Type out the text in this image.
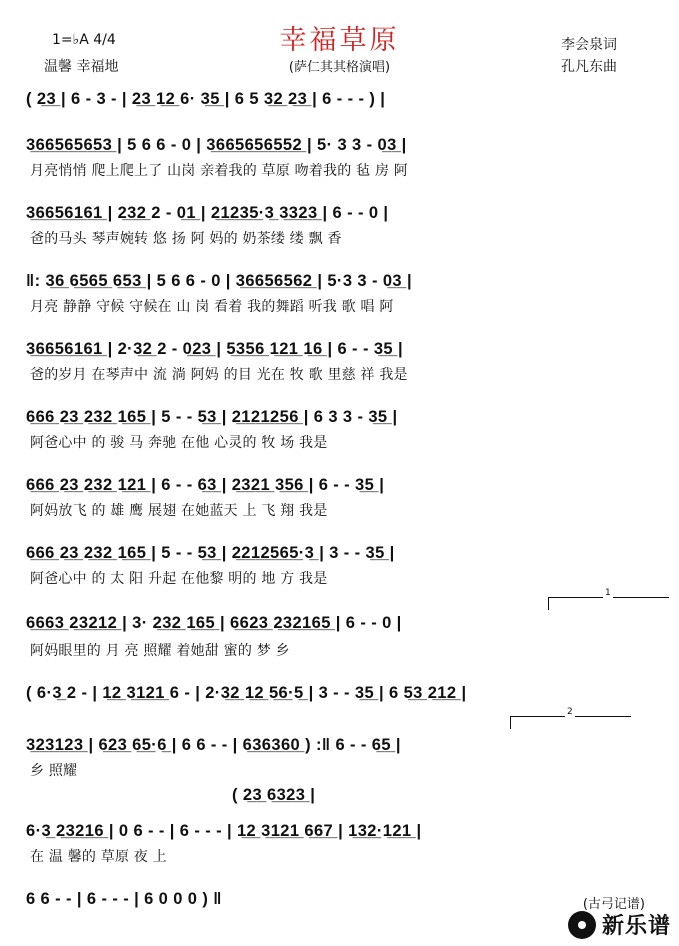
1=♭A 4/4
温馨 幸福地
幸福草原
(萨仁其其格演唱)
李会泉词
孔凡东曲
( 2̲3̲ | 6 - 3 - | 2̲3̲ 1̲2̲ 6· 3̲5̲ | 6 5 3̲2̲ 2̲3̲ | 6 - - - ) |
3̲6̲6̲5̲6̲5̲6̲5̲3̲ | 5 6 6 - 0 | 3̲6̲6̲5̲6̲5̲6̲5̲5̲2̲ | 5· 3 3 - 0̲3̲ |
月亮悄悄 爬上爬上了 山岗 亲着我的 草原 吻着我的 毡 房 阿
3̲6̲6̲5̲6̲1̲6̲1̲ | 2̲3̲2̲ 2 - 0̲1̲ | 2̲1̲2̲3̲5̲·3̲ 3̲3̲2̲3̲ | 6 - - 0 |
爸的马头 琴声婉转 悠 扬 阿 妈的 奶茶缕 缕 飘 香
‖: 3̲6̲ 6̲5̲6̲5̲ 6̲5̲3̲ | 5 6 6 - 0 | 3̲6̲6̲5̲6̲5̲6̲2̲ | 5·3 3 - 0̲3̲ |
月亮 静静 守候 守候在 山 岗 看着 我的舞蹈 听我 歌 唱 阿
3̲6̲6̲5̲6̲1̲6̲1̲ | 2·3̲2̲ 2 - 0̲2̲3̲ | 5̲3̲5̲6̲ 1̲2̲1̲ 1̲6̲ | 6 - - 3̲5̲ |
爸的岁月 在琴声中 流 淌 阿妈 的目 光在 牧 歌 里慈 祥 我是
6̲6̲6̲ 2̲3̲ 2̲3̲2̲ 1̲6̲5̲ | 5 - - 5̲3̲ | 2̲1̲2̲1̲2̲5̲6̲ | 6 3 3 - 3̲5̲ |
阿爸心中 的 骏 马 奔驰 在他 心灵的 牧 场 我是
6̲6̲6̲ 2̲3̲ 2̲3̲2̲ 1̲2̲1̲ | 6 - - 6̲3̲ | 2̲3̲2̲1̲ 3̲5̲6̲ | 6 - - 3̲5̲ |
阿妈放飞 的 雄 鹰 展翅 在她蓝天 上 飞 翔 我是
6̲6̲6̲ 2̲3̲ 2̲3̲2̲ 1̲6̲5̲ | 5 - - 5̲3̲ | 2̲2̲1̲2̲5̲6̲5̲·3̲ | 3 - - 3̲5̲ |
阿爸心中 的 太 阳 升起 在他黎 明的 地 方 我是
1
6̲6̲6̲3̲ 2̲3̲2̲1̲2̲ | 3· 2̲3̲2̲ 1̲6̲5̲ | 6̲6̲2̲3̲ 2̲3̲2̲1̲6̲5̲ | 6 - - 0 |
阿妈眼里的 月 亮 照耀 着她甜 蜜的 梦 乡
( 6·3̲ 2 - | 1̲2̲ 3̲1̲2̲1̲ 6 - | 2·3̲2̲ 1̲2̲ 5̲6̲·5̲ | 3 - - 3̲5̲ | 6 5̲3̲ 2̲1̲2̲ |
2
3̲2̲3̲1̲2̲3̲ | 6̲2̲3̲ 6̲5̲·6̲ | 6 6 - - | 6̲3̲6̲3̲6̲0̲ ) :‖ 6 - - 6̲5̲ |
乡 照耀
( 2̲3̲ 6̲3̲2̲3̲ |
6·3̲ 2̲3̲2̲1̲6̲ | 0 6 - - | 6 - - - | 1̲2̲ 3̲1̲2̲1̲ 6̲6̲7̲ | 1̲3̲2̲·1̲2̲1̲ |
在 温 馨的 草原 夜 上
6 6 - - | 6 - - - | 6 0 0 0 ) ‖	(古弓记谱)
新乐谱
